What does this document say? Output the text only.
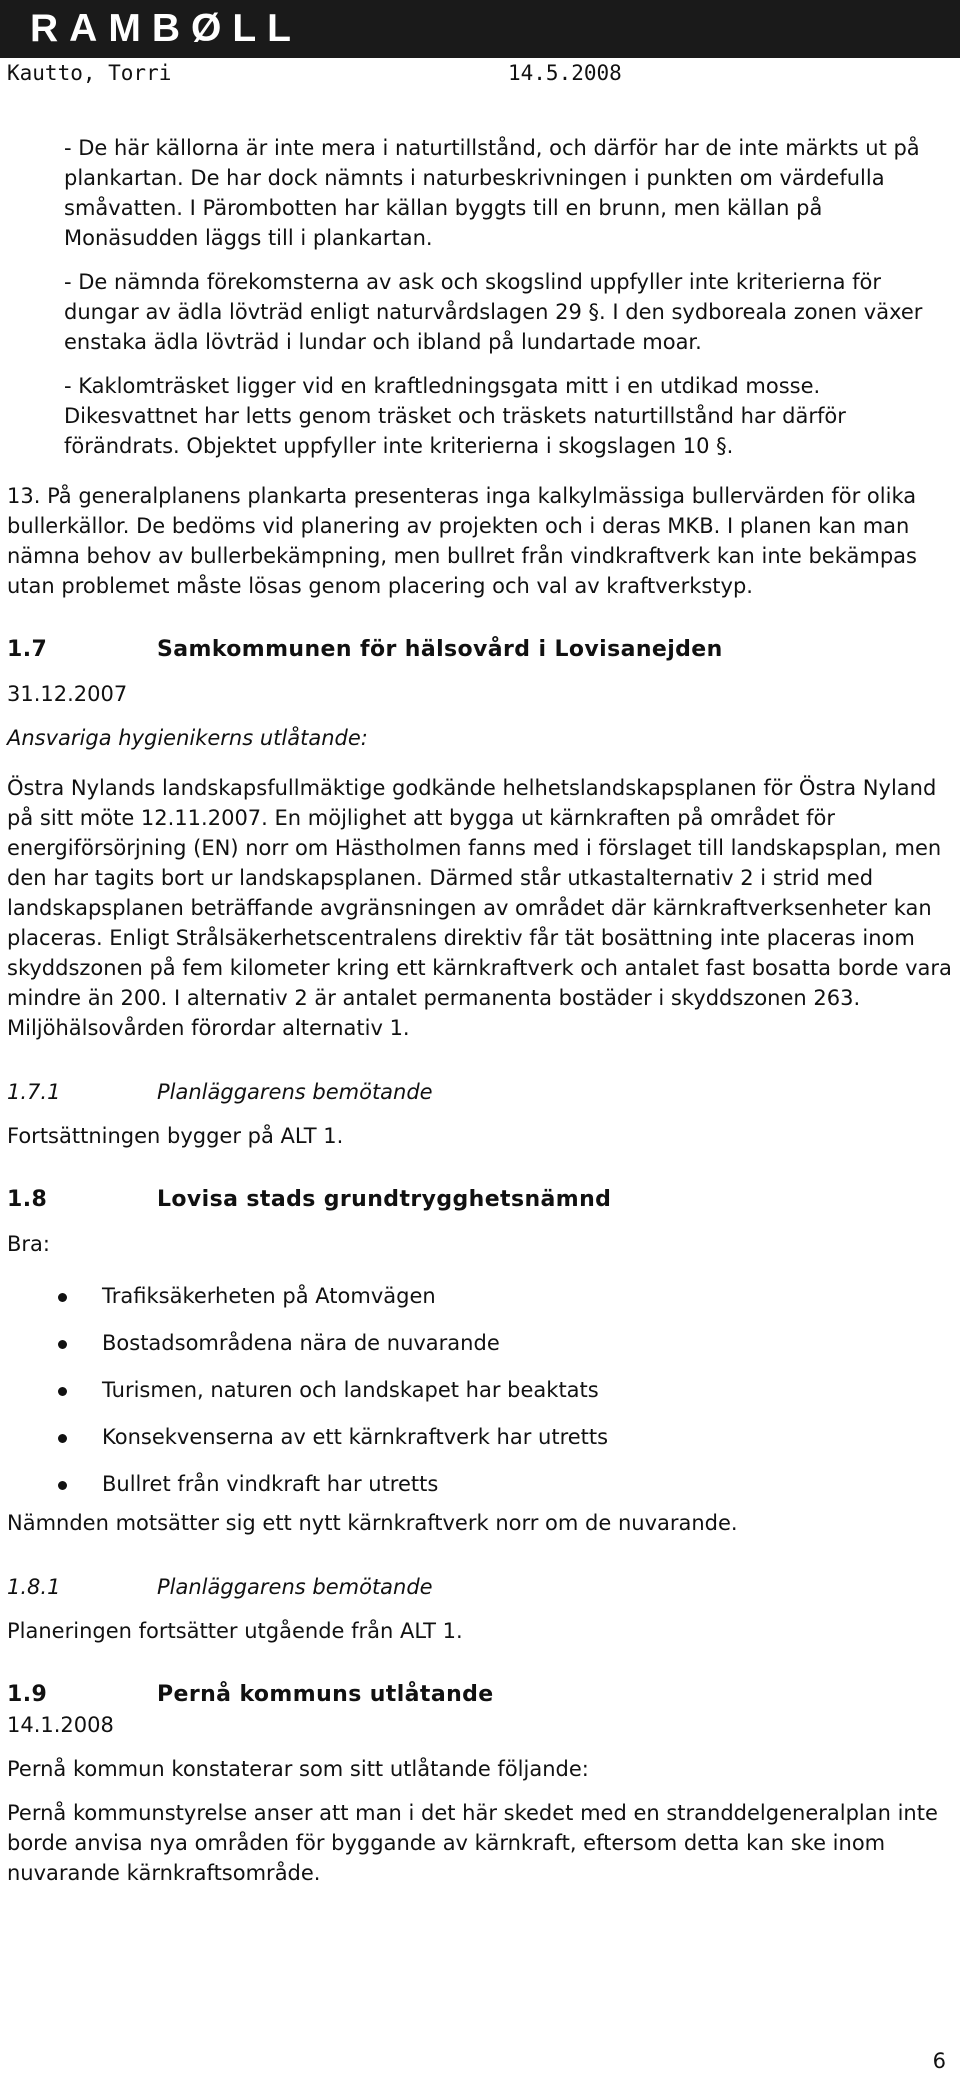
RAMBØLL
Kautto, Torri	14.5.2008

- De här källorna är inte mera i naturtillstånd, och därför har de inte märkts ut på plankartan. De har dock nämnts i naturbeskrivningen i punkten om värdefulla småvatten. I Pärombotten har källan byggts till en brunn, men källan på Monäsudden läggs till i plankartan.

- De nämnda förekomsterna av ask och skogslind uppfyller inte kriterierna för dungar av ädla lövträd enligt naturvårdslagen 29 §. I den sydboreala zonen växer enstaka ädla lövträd i lundar och ibland på lundartade moar.

- Kaklomträsket ligger vid en kraftledningsgata mitt i en utdikad mosse. Dikesvattnet har letts genom träsket och träskets naturtillstånd har därför förändrats. Objektet uppfyller inte kriterierna i skogslagen 10 §.

13. På generalplanens plankarta presenteras inga kalkylmässiga bullervärden för olika bullerkällor. De bedöms vid planering av projekten och i deras MKB. I planen kan man nämna behov av bullerbekämpning, men bullret från vindkraftverk kan inte bekämpas utan problemet måste lösas genom placering och val av kraftverkstyp.

1.7	Samkommunen för hälsovård i Lovisanejden

31.12.2007

Ansvariga hygienikerns utlåtande:

Östra Nylands landskapsfullmäktige godkände helhetslandskapsplanen för Östra Nyland på sitt möte 12.11.2007. En möjlighet att bygga ut kärnkraften på området för energiförsörjning (EN) norr om Hästholmen fanns med i förslaget till landskapsplan, men den har tagits bort ur landskapsplanen. Därmed står utkastalternativ 2 i strid med landskapsplanen beträffande avgränsningen av området där kärnkraftverksenheter kan placeras. Enligt Strålsäkerhetscentralens direktiv får tät bosättning inte placeras inom skyddszonen på fem kilometer kring ett kärnkraftverk och antalet fast bosatta borde vara mindre än 200. I alternativ 2 är antalet permanenta bostäder i skyddszonen 263. Miljöhälsovården förordar alternativ 1.

1.7.1	Planläggarens bemötande

Fortsättningen bygger på ALT 1.

1.8	Lovisa stads grundtrygghetsnämnd

Bra:

Trafiksäkerheten på Atomvägen
Bostadsområdena nära de nuvarande
Turismen, naturen och landskapet har beaktats
Konsekvenserna av ett kärnkraftverk har utretts
Bullret från vindkraft har utretts

Nämnden motsätter sig ett nytt kärnkraftverk norr om de nuvarande.

1.8.1	Planläggarens bemötande

Planeringen fortsätter utgående från ALT 1.

1.9	Pernå kommuns utlåtande

14.1.2008

Pernå kommun konstaterar som sitt utlåtande följande:

Pernå kommunstyrelse anser att man i det här skedet med en stranddelgeneralplan inte borde anvisa nya områden för byggande av kärnkraft, eftersom detta kan ske inom nuvarande kärnkraftsområde.

6
